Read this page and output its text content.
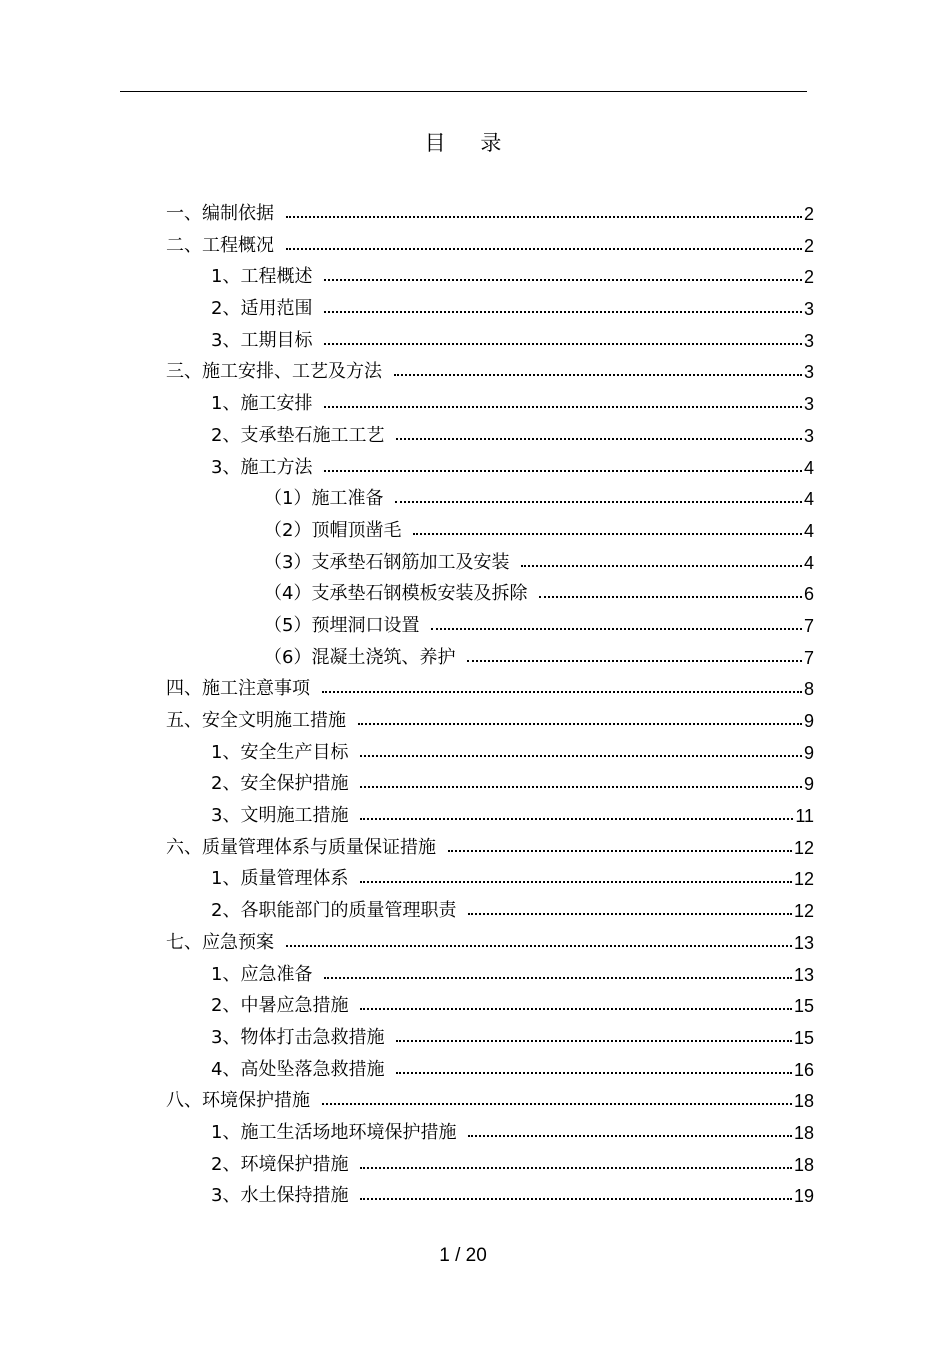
目 录
一、编制依据	2
二、工程概况	2
1、工程概述	2
2、适用范围	3
3、工期目标	3
三、施工安排、工艺及方法	3
1、施工安排	3
2、支承垫石施工工艺	3
3、施工方法	4
（1）施工准备	4
（2）顶帽顶凿毛	4
（3）支承垫石钢筋加工及安装	4
（4）支承垫石钢模板安装及拆除	6
（5）预埋洞口设置	7
（6）混凝土浇筑、养护	7
四、施工注意事项	8
五、安全文明施工措施	9
1、安全生产目标	9
2、安全保护措施	9
3、文明施工措施	11
六、质量管理体系与质量保证措施	12
1、质量管理体系	12
2、各职能部门的质量管理职责	12
七、应急预案	13
1、应急准备	13
2、中暑应急措施	15
3、物体打击急救措施	15
4、高处坠落急救措施	16
八、环境保护措施	18
1、施工生活场地环境保护措施	18
2、环境保护措施	18
3、水土保持措施	19
1 / 20
